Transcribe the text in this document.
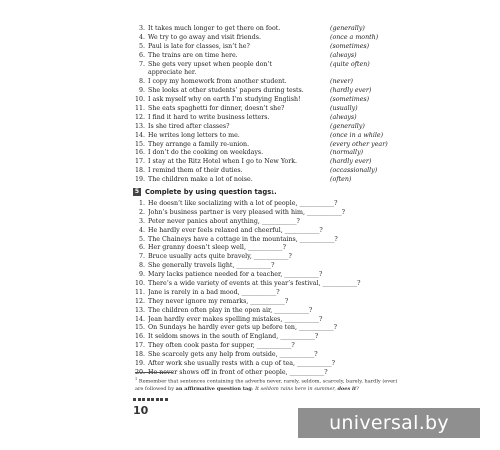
3. It takes much longer to get there on foot.	(generally)
4. We try to go away and visit friends.	(once a month)
5. Paul is late for classes, isn’t he?	(sometimes)
6. The trains are on time here.	(always)
7. She gets very upset when people don’t	(quite often)
appreciate her.
8. I copy my homework from another student.	(never)
9. She looks at other students’ papers during tests.	(hardly ever)
10. I ask myself why on earth I’m studying English!	(sometimes)
11. She eats spaghetti for dinner, doesn’t she?	(usually)
12. I find it hard to write business letters.	(always)
13. Is she tired after classes?	(generally)
14. He writes long letters to me.	(once in a while)
15. They arrange a family re-union.	(every other year)
16. I don’t do the cooking on weekdays.	(normally)
17. I stay at the Ritz Hotel when I go to New York.	(hardly ever)
18. I remind them of their duties.	(occassionally)
19. The children make a lot of noise.	(often)
5 Complete by using question tags 1 .
1. He doesn’t like socializing with a lot of people, ___________?
2. John’s business partner is very pleased with him, ___________?
3. Peter never panics about anything, ___________?
4. He hardly ever feels relaxed and cheerful, ___________?
5. The Chaineys have a cottage in the mountains, ___________?
6. Her granny doesn’t sleep well, ___________?
7. Bruce usually acts quite bravely, ___________?
8. She generally travels light, ___________?
9. Mary lacks patience needed for a teacher, ___________?
10. There’s a wide variety of events at this year’s festival, ___________?
11. Jane is rarely in a bad mood, ___________?
12. They never ignore my remarks, ___________?
13. The children often play in the open air, ___________?
14. Jean hardly ever makes spelling mistakes, ___________?
15. On Sundays he hardly ever gets up before ten, ___________?
16. It seldom snows in the south of England, ___________?
17. They often cook pasta for supper, ___________?
18. She scarcely gets any help from outside, ___________?
19. After work she usually rests with a cup of tea, ___________?
20. He never shows off in front of other people, ___________?
$^1$ Remember that sentences containing the adverbs never, rarely, seldom, scarcely, barely, hardly (ever)
are followed by an affirmative question tag: It seldom rains here in summer, does it?
10
universal.by
